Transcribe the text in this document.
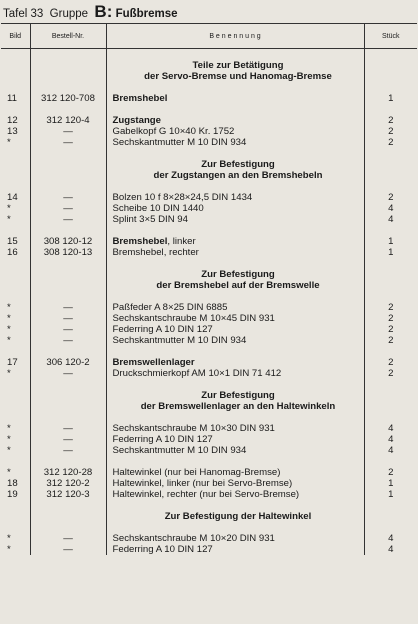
Tafel 33 Gruppe B: Fußbremse
Bild	Bestell-Nr.	B e n e n n u n g	Stück

		Teile zur Betätigung	
		der Servo-Bremse und Hanomag-Bremse	

11	312 120-708	Bremshebel	1

12	312 120-4	Zugstange	2
13	—	Gabelkopf G 10×40 Kr. 1752	2
*	—	Sechskantmutter M 10 DIN 934	2

		Zur Befestigung	
		der Zugstangen an den Bremshebeln	

14	—	Bolzen 10 f 8×28×24,5 DIN 1434	2
*	—	Scheibe 10 DIN 1440	4
*	—	Splint 3×5 DIN 94	4

15	308 120-12	Bremshebel, linker	1
16	308 120-13	Bremshebel, rechter	1

		Zur Befestigung	
		der Bremshebel auf der Bremswelle	

*	—	Paßfeder A 8×25 DIN 6885	2
*	—	Sechskantschraube M 10×45 DIN 931	2
*	—	Federring A 10 DIN 127	2
*	—	Sechskantmutter M 10 DIN 934	2

17	306 120-2	Bremswellenlager	2
*	—	Druckschmierkopf AM 10×1 DIN 71 412	2

		Zur Befestigung	
		der Bremswellenlager an den Haltewinkeln	

*	—	Sechskantschraube M 10×30 DIN 931	4
*	—	Federring A 10 DIN 127	4
*	—	Sechskantmutter M 10 DIN 934	4

*	312 120-28	Haltewinkel (nur bei Hanomag-Bremse)	2
18	312 120-2	Haltewinkel, linker (nur bei Servo-Bremse)	1
19	312 120-3	Haltewinkel, rechter (nur bei Servo-Bremse)	1

		Zur Befestigung der Haltewinkel	

*	—	Sechskantschraube M 10×20 DIN 931	4
*	—	Federring A 10 DIN 127	4
